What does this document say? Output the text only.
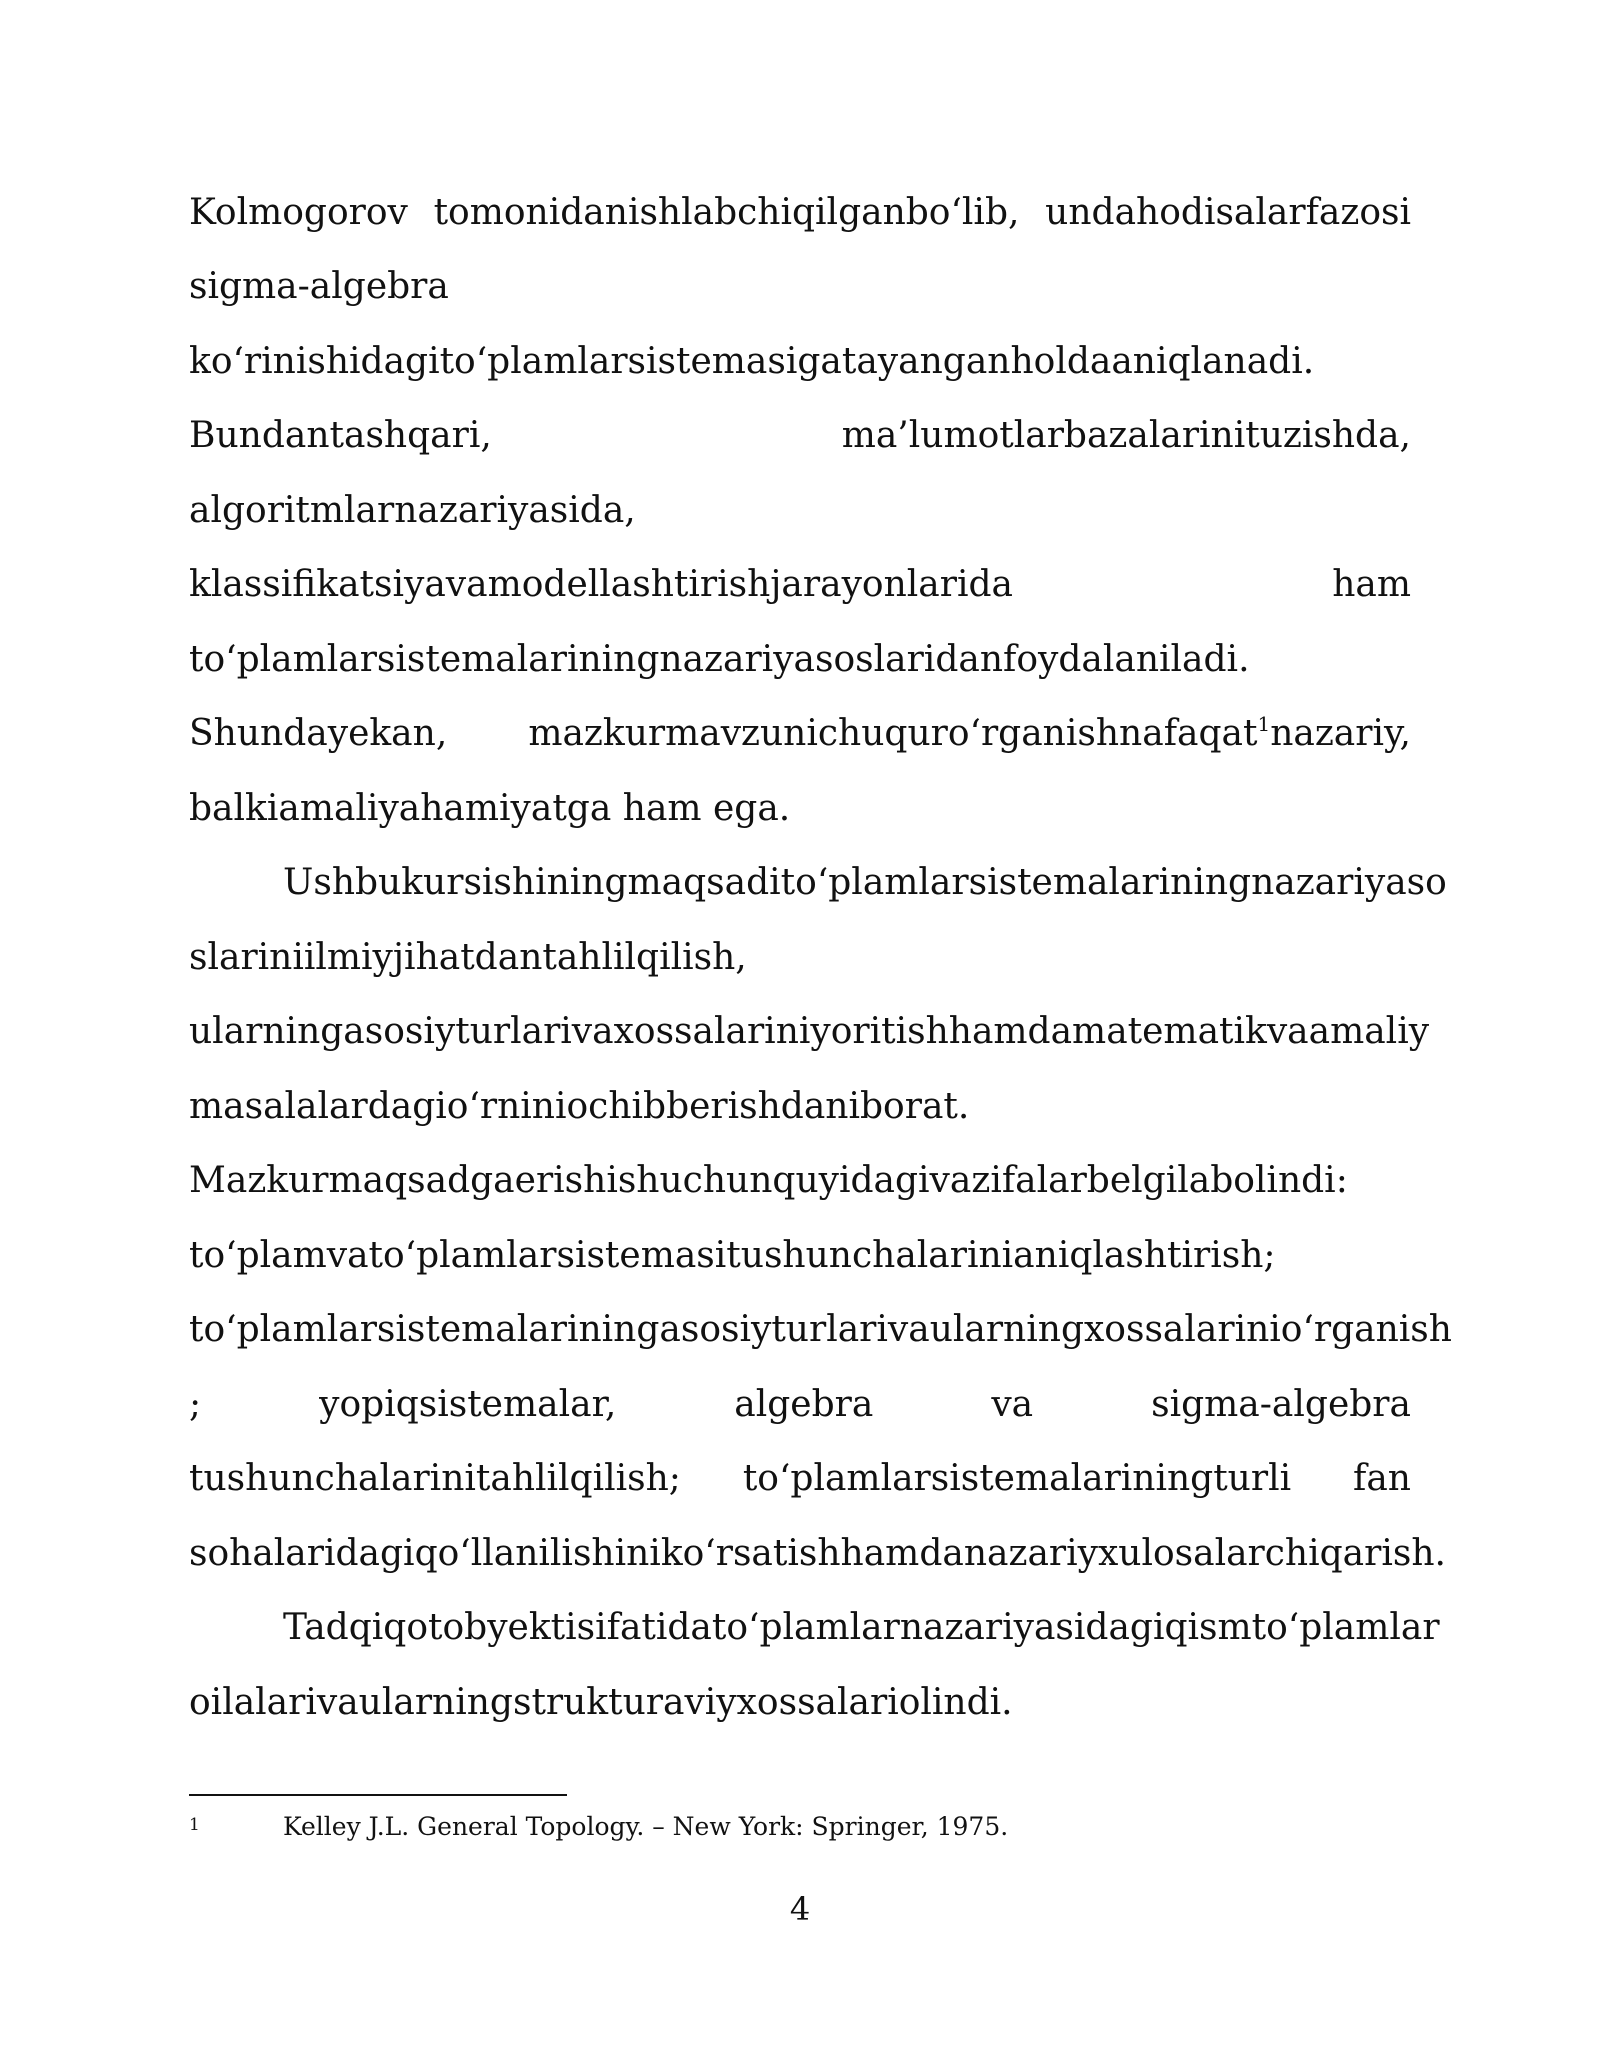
Kolmogorov tomonidanishlabchiqilganbo‘lib, undahodisalarfazosi
sigma-algebra
ko‘rinishidagito‘plamlarsistemasigatayanganholdaaniqlanadi.
Bundantashqari,	ma’lumotlarbazalarinituzishda,
algoritmlarnazariyasida,
klassifikatsiyavamodellashtirishjarayonlarida	ham
to‘plamlarsistemalariningnazariyasoslaridanfoydalaniladi.
Shundayekan, mazkurmavzunichuquro‘rganishnafaqat$^1$nazariy,
balkiamaliyahamiyatga ham ega.
Ushbukursishiningmaqsadito‘plamlarsistemalariningnazariyaso
slariniilmiyjihatdantahlilqilish,
ularningasosiyturlarivaxossalariniyoritishhamdamatematikvaamaliy
masalalardagio‘rniniochibberishdaniborat.
Mazkurmaqsadgaerishishuchunquyidagivazifalarbelgilabolindi:
to‘plamvato‘plamlarsistemasitushunchalarinianiqlashtirish;
to‘plamlarsistemalariningasosiyturlarivaularningxossalarinio‘rganish
;	yopiqsistemalar,	algebra	va	sigma-algebra
tushunchalarinitahlilqilish; to‘plamlarsistemalariningturli fan
sohalaridagiqo‘llanilishiniko‘rsatishhamdanazariyxulosalarchiqarish.
Tadqiqotobyektisifatidato‘plamlarnazariyasidagiqismto‘plamlar
oilalarivaularningstrukturaviyxossalariolindi.
1	Kelley J.L. General Topology. – New York: Springer, 1975.
4
